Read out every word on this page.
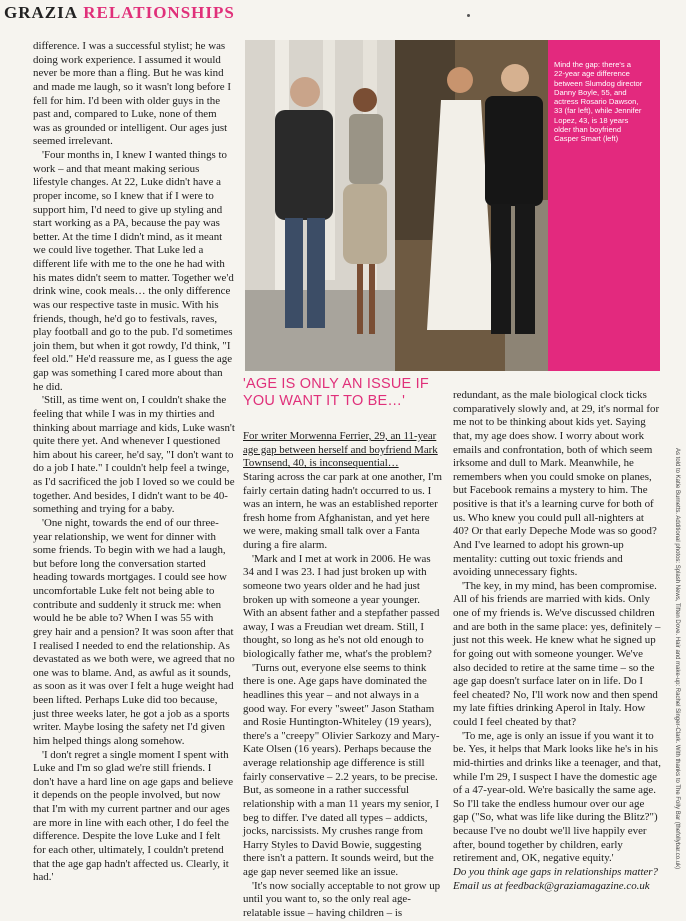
GRAZIA RELATIONSHIPS

difference. I was a successful stylist; he was doing work experience. I assumed it would never be more than a fling. But he was kind and made me laugh, so it wasn't long before I fell for him. I'd been with older guys in the past and, compared to Luke, none of them was as grounded or intelligent. Our ages just seemed irrelevant.

'Four months in, I knew I wanted things to work – and that meant making serious lifestyle changes. At 22, Luke didn't have a proper income, so I knew that if I were to support him, I'd need to give up styling and start working as a PA, because the pay was better. At the time I didn't mind, as it meant we could live together. That Luke led a different life with me to the one he had with his mates didn't seem to matter. Together we'd drink wine, cook meals… the only difference was our respective taste in music. With his friends, though, he'd go to festivals, raves, play football and go to the pub. I'd sometimes join them, but when it got rowdy, I'd think, "I feel old." He'd reassure me, as I guess the age gap was something I cared more about than he did.

'Still, as time went on, I couldn't shake the feeling that while I was in my thirties and thinking about marriage and kids, Luke wasn't quite there yet. And whenever I questioned him about his career, he'd say, "I don't want to do a job I hate." I couldn't help feel a twinge, as I'd sacrificed the job I loved so we could be together. And besides, I didn't want to be 40-something and trying for a baby.

'One night, towards the end of our three-year relationship, we went for dinner with some friends. To begin with we had a laugh, but before long the conversation started heading towards mortgages. I could see how uncomfortable Luke felt not being able to contribute and suddenly it struck me: when would he be able to? When I was 55 with grey hair and a pension? It was soon after that I realised I needed to end the relationship. As devastated as we both were, we agreed that no one was to blame. And, as awful as it sounds, as soon as it was over I felt a huge weight had been lifted. Perhaps Luke did too because, just three weeks later, he got a job as a sports writer. Maybe losing the safety net I'd given him helped things along somehow.

'I don't regret a single moment I spent with Luke and I'm so glad we're still friends. I don't have a hard line on age gaps and believe it depends on the people involved, but now that I'm with my current partner and our ages are more in line with each other, I do feel the difference. Despite the love Luke and I felt for each other, ultimately, I couldn't pretend that the age gap hadn't affected us. Clearly, it had.'

Mind the gap: there's a 22-year age difference between Slumdog director Danny Boyle, 55, and actress Rosario Dawson, 33 (far left), while Jennifer Lopez, 43, is 18 years older than boyfriend Casper Smart (left)
'AGE IS ONLY AN ISSUE IF YOU WANT IT TO BE…'

For writer Morwenna Ferrier, 29, an 11-year age gap between herself and boyfriend Mark Townsend, 40, is inconsequential…

Staring across the car park at one another, I'm fairly certain dating hadn't occurred to us. I was an intern, he was an established reporter fresh home from Afghanistan, and yet here we were, making small talk over a Fanta during a fire alarm.

'Mark and I met at work in 2006. He was 34 and I was 23. I had just broken up with someone two years older and he had just broken up with someone a year younger. With an absent father and a stepfather passed away, I was a Freudian wet dream. Still, I thought, so long as he's not old enough to biologically father me, what's the problem?

'Turns out, everyone else seems to think there is one. Age gaps have dominated the headlines this year – and not always in a good way. For every "sweet" Jason Statham and Rosie Huntington-Whiteley (19 years), there's a "creepy" Olivier Sarkozy and Mary-Kate Olsen (16 years). Perhaps because the average relationship age difference is still fairly conservative – 2.2 years, to be precise. But, as someone in a rather successful relationship with a man 11 years my senior, I beg to differ. I've dated all types – addicts, jocks, narcissists. My crushes range from Harry Styles to David Bowie, suggesting there isn't a pattern. It sounds weird, but the age gap never seemed like an issue.

'It's now socially acceptable to not grow up until you want to, so the only real age-relatable issue – having children – is

redundant, as the male biological clock ticks comparatively slowly and, at 29, it's normal for me not to be thinking about kids yet. Saying that, my age does show. I worry about work emails and confrontation, both of which seem irksome and dull to Mark. Meanwhile, he remembers when you could smoke on planes, but Facebook remains a mystery to him. The positive is that it's a learning curve for both of us. Who knew you could pull all-nighters at 40? Or that early Depeche Mode was so good? And I've learned to adopt his grown-up mentality: cutting out toxic friends and avoiding unnecessary fights.

'The key, in my mind, has been compromise. All of his friends are married with kids. Only one of my friends is. We've discussed children and are both in the same place: yes, definitely – just not this week. He knew what he signed up for going out with someone younger. We've also decided to retire at the same time – so the age gap doesn't surface later on in life. Do I feel cheated? No, I'll work now and then spend my late fifties drinking Aperol in Italy. How could I feel cheated by that?

'To me, age is only an issue if you want it to be. Yes, it helps that Mark looks like he's in his mid-thirties and drinks like a teenager, and that, while I'm 29, I suspect I have the domestic age of a 47-year-old. We're basically the same age. So I'll take the endless humour over our age gap ("So, what was life like during the Blitz?") because I've no doubt we'll live happily ever after, bound together by children, early retirement and, OK, negative equity.'

Do you think age gaps in relationships matter? Email us at feedback@graziamagazine.co.uk

As told to Katie Burnetts. Additional photos: Splash News, Tiften Dove. Hair and make-up: Rachel Singer-Clark. With thanks to The Folly Bar (thefollybar.co.uk)
